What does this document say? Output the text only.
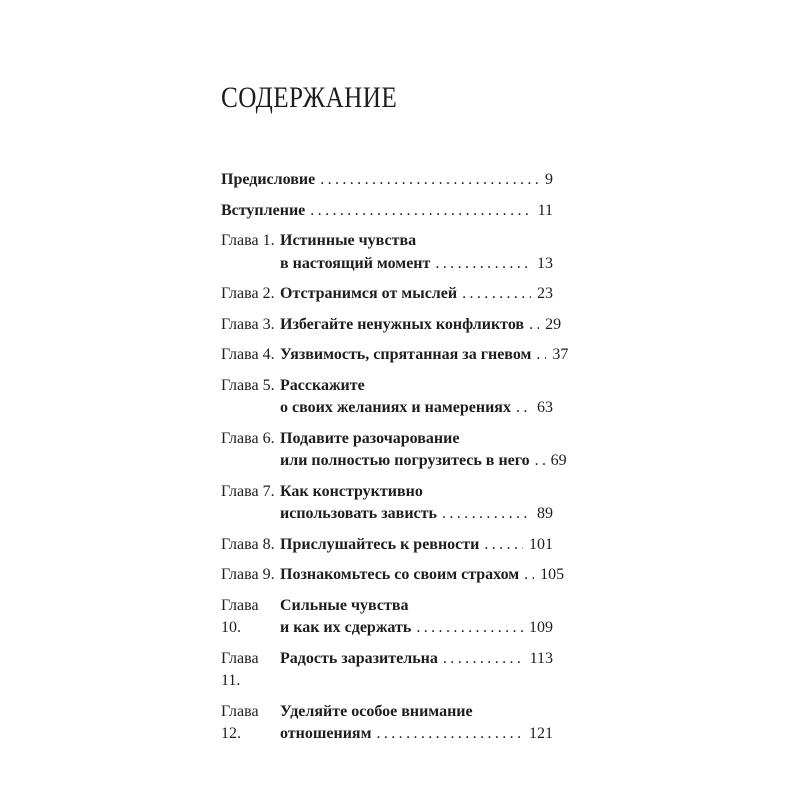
СОДЕРЖАНИЕ
Предисловие .....	9
Вступление .....	11
Глава 1. Истинные чувства
в настоящий момент .....	13
Глава 2. Отстранимся от мыслей .....	23
Глава 3. Избегайте ненужных конфликтов ..... 29
Глава 4. Уязвимость, спрятанная за гневом ..... 37
Глава 5. Расскажите
о своих желаниях и намерениях ..... 63
Глава 6. Подавите разочарование
или полностью погрузитесь в него ..... 69
Глава 7. Как конструктивно
использовать зависть .....	89
Глава 8. Прислушайтесь к ревности .....	101
Глава 9. Познакомьтесь со своим страхом ..... 105
Глава 10.
Сильные чувства
и как их сдержать .....	109
Глава 11.
Радость заразительна .....	113
Глава 12.
Уделяйте особое внимание
отношениям .....	121
